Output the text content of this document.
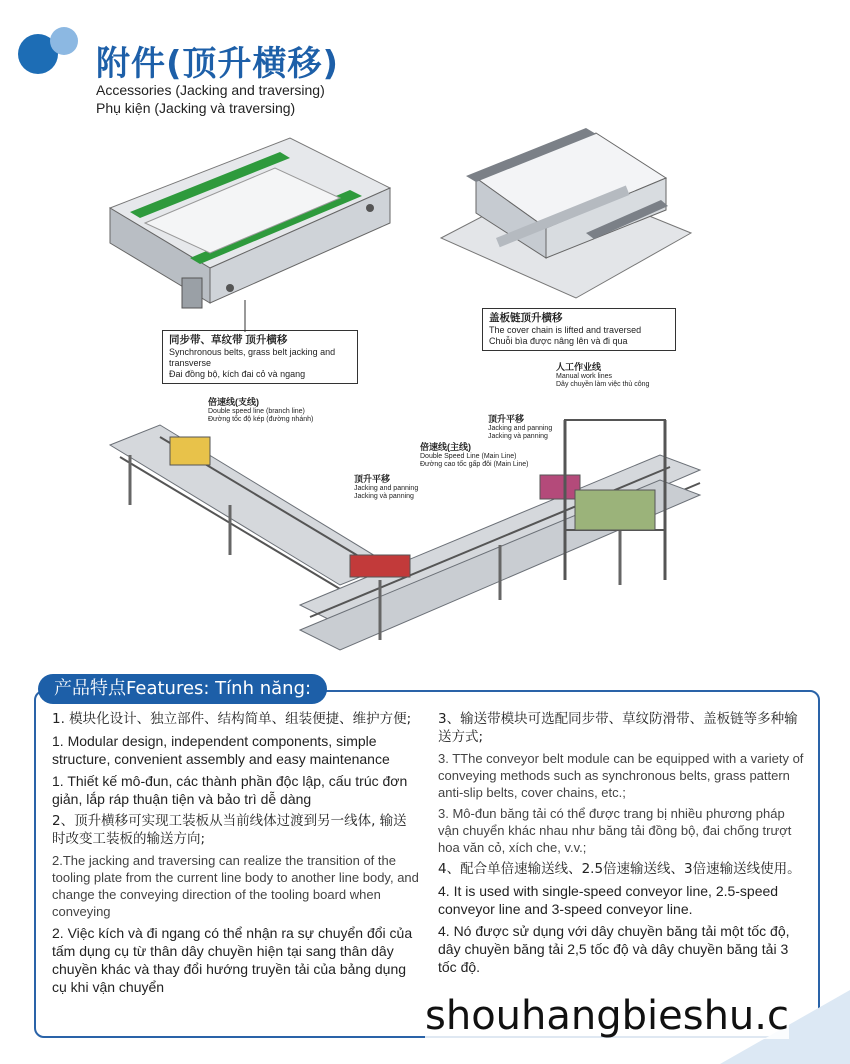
附件(顶升横移)
Accessories (Jacking and traversing)
Phụ kiện (Jacking và traversing)
同步带、草纹带 顶升横移
Synchronous belts, grass belt jacking and transverse
Đai đồng bộ, kích đai cỏ và ngang
盖板链顶升横移
The cover chain is lifted and traversed
Chuỗi bìa được nâng lên và đi qua
人工作业线
Manual work lines
Dây chuyền làm việc thủ công
倍速线(支线)
Double speed line (branch line)
Đường tốc độ kép (đường nhánh)	顶升平移
Jacking and panning
Jacking và panning
倍速线(主线)
Double Speed Line (Main Line)
Đường cao tốc gấp đôi (Main Line)
顶升平移
Jacking and panning
Jacking và panning
产品特点Features: Tính năng:

1. 模块化设计、独立部件、结构简单、组装便捷、维护方便;

1. Modular design, independent components, simple structure, convenient assembly and easy maintenance

1. Thiết kế mô-đun, các thành phần độc lập, cấu trúc đơn giản, lắp ráp thuận tiện và bảo trì dễ dàng

2、顶升横移可实现工装板从当前线体过渡到另一线体, 输送时改变工装板的输送方向;

2.The jacking and traversing can realize the transition of the tooling plate from the current line body to another line body, and change the conveying direction of the tooling board when conveying

2. Việc kích và đi ngang có thể nhận ra sự chuyển đổi của tấm dụng cụ từ thân dây chuyền hiện tại sang thân dây chuyền khác và thay đổi hướng truyền tải của bảng dụng cụ khi vận chuyển

3、输送带模块可选配同步带、草纹防滑带、盖板链等多种输送方式;

3. TThe conveyor belt module can be equipped with a variety of conveying methods such as synchronous belts, grass pattern anti-slip belts, cover chains, etc.;

3. Mô-đun băng tải có thể được trang bị nhiều phương pháp vận chuyển khác nhau như băng tải đồng bộ, đai chống trượt hoa văn cỏ, xích che, v.v.;

4、配合单倍速输送线、2.5倍速输送线、3倍速输送线使用。

4. It is used with single-speed conveyor line, 2.5-speed conveyor line and 3-speed conveyor line.

4. Nó được sử dụng với dây chuyền băng tải một tốc độ, dây chuyền băng tải 2,5 tốc độ và dây chuyền băng tải 3 tốc độ.

shouhangbieshu.c
